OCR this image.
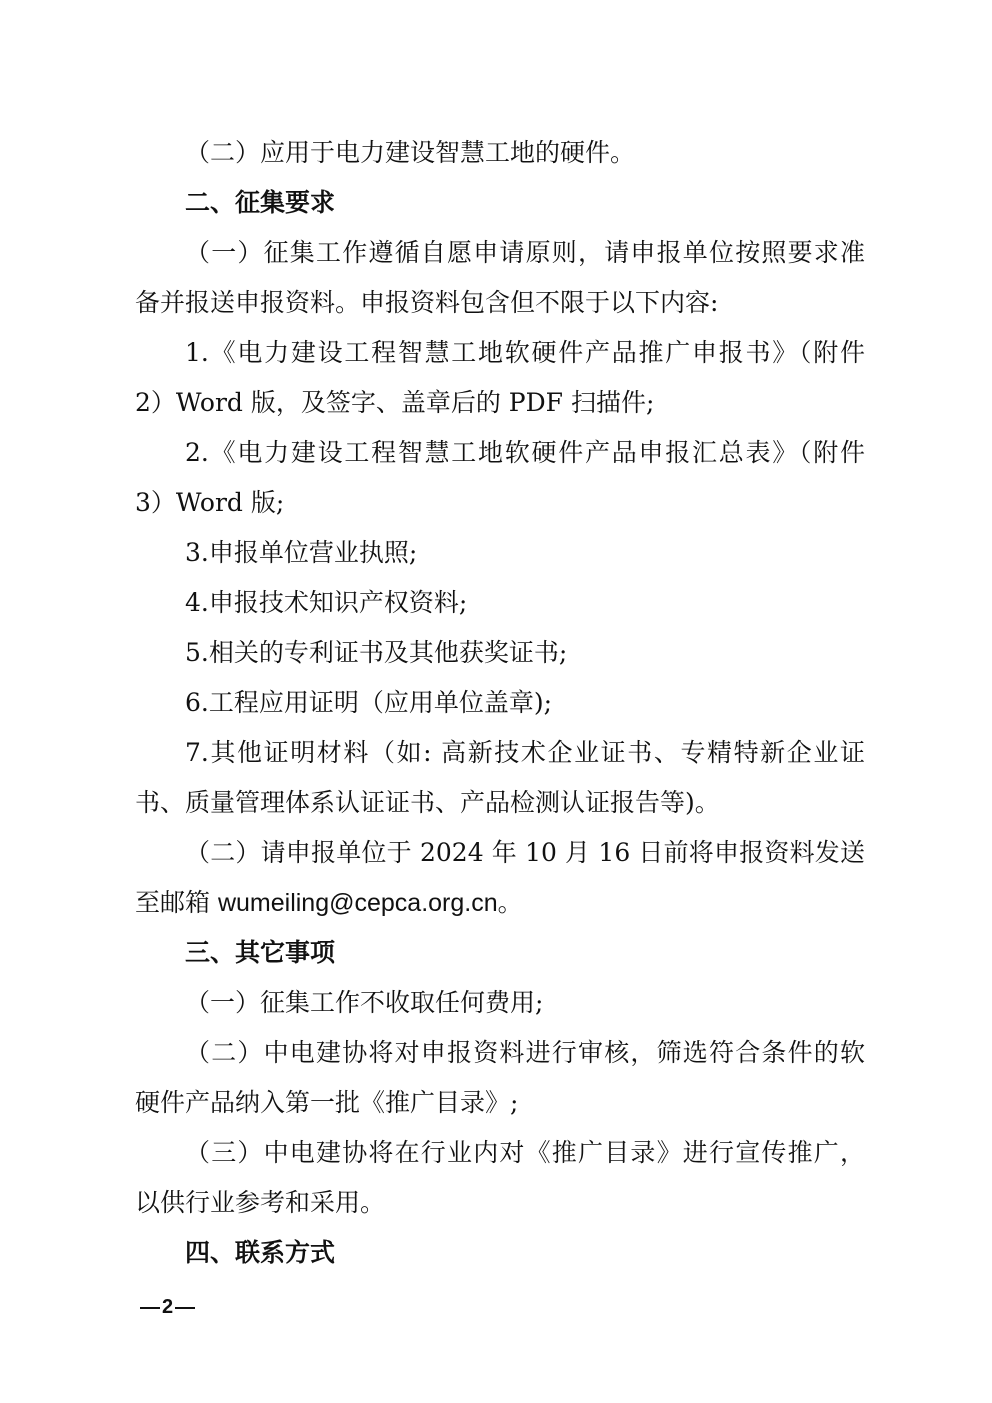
（二）应用于电力建设智慧工地的硬件。
二、征集要求
（一）征集工作遵循自愿申请原则，请申报单位按照要求准
备并报送申报资料。申报资料包含但不限于以下内容:
1.《电力建设工程智慧工地软硬件产品推广申报书》（附件
2）Word 版，及签字、盖章后的 PDF 扫描件;
2.《电力建设工程智慧工地软硬件产品申报汇总表》（附件
3）Word 版;
3.申报单位营业执照;
4.申报技术知识产权资料;
5.相关的专利证书及其他获奖证书;
6.工程应用证明（应用单位盖章);
7.其他证明材料（如: 高新技术企业证书、专精特新企业证
书、质量管理体系认证证书、产品检测认证报告等)。
（二）请申报单位于 2024 年 10 月 16 日前将申报资料发送
至邮箱 wumeiling@cepca.org.cn。
三、其它事项
（一）征集工作不收取任何费用;
（二）中电建协将对申报资料进行审核，筛选符合条件的软
硬件产品纳入第一批《推广目录》;
（三）中电建协将在行业内对《推广目录》进行宣传推广，
以供行业参考和采用。
四、联系方式
2
